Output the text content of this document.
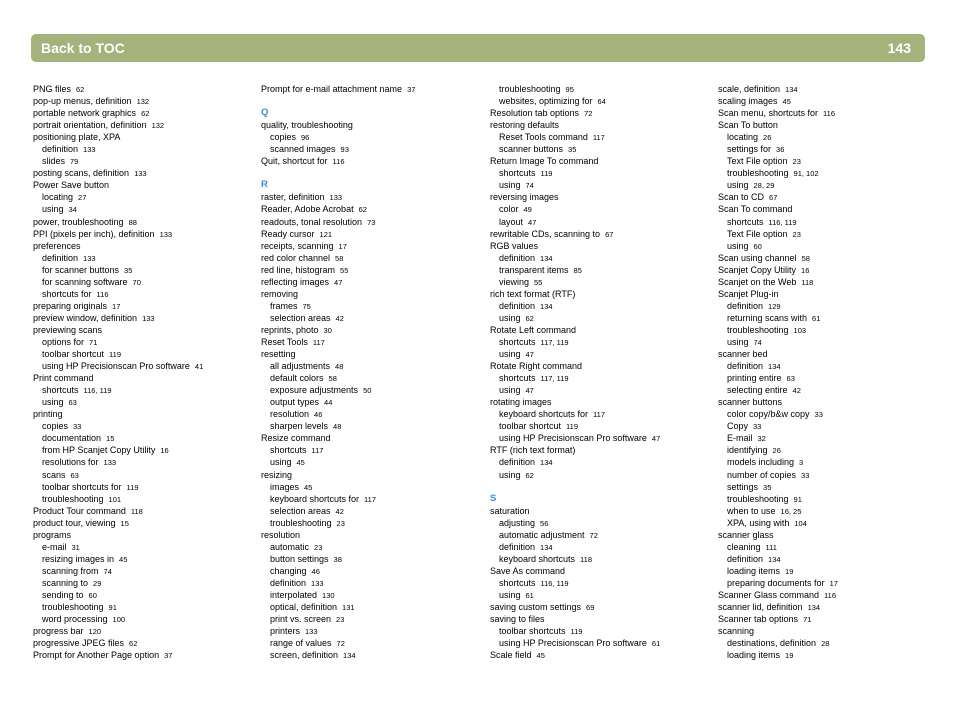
Back to TOC	143
PNG files 62
pop-up menus, definition 132
portable network graphics 62
portrait orientation, definition 132
positioning plate, XPA
definition 133
slides 79
posting scans, definition 133
Power Save button
locating 27
using 34
power, troubleshooting 88
PPI (pixels per inch), definition 133
preferences
definition 133
for scanner buttons 35
for scanning software 70
shortcuts for 116
preparing originals 17
preview window, definition 133
previewing scans
options for 71
toolbar shortcut 119
using HP Precisionscan Pro software 41
Print command
shortcuts 116, 119
using 63
printing
copies 33
documentation 15
from HP Scanjet Copy Utility 16
resolutions for 133
scans 63
toolbar shortcuts for 119
troubleshooting 101
Product Tour command 118
product tour, viewing 15
programs
e-mail 31
resizing images in 45
scanning from 74
scanning to 29
sending to 60
troubleshooting 91
word processing 100
progress bar 120
progressive JPEG files 62
Prompt for Another Page option 37
Prompt for e-mail attachment name 37
Q
quality, troubleshooting
copies 96
scanned images 93
Quit, shortcut for 116
R
raster, definition 133
Reader, Adobe Acrobat 62
readouts, tonal resolution 73
Ready cursor 121
receipts, scanning 17
red color channel 58
red line, histogram 55
reflecting images 47
removing
frames 75
selection areas 42
reprints, photo 30
Reset Tools 117
resetting
all adjustments 48
default colors 58
exposure adjustments 50
output types 44
resolution 46
sharpen levels 48
Resize command
shortcuts 117
using 45
resizing
images 45
keyboard shortcuts for 117
selection areas 42
troubleshooting 23
resolution
automatic 23
button settings 38
changing 46
definition 133
interpolated 130
optical, definition 131
print vs. screen 23
printers 133
range of values 72
screen, definition 134
troubleshooting 95
websites, optimizing for 64
Resolution tab options 72
restoring defaults
Reset Tools command 117
scanner buttons 35
Return Image To command
shortcuts 119
using 74
reversing images
color 49
layout 47
rewritable CDs, scanning to 67
RGB values
definition 134
transparent items 85
viewing 55
rich text format (RTF)
definition 134
using 62
Rotate Left command
shortcuts 117, 119
using 47
Rotate Right command
shortcuts 117, 119
using 47
rotating images
keyboard shortcuts for 117
toolbar shortcut 119
using HP Precisionscan Pro software 47
RTF (rich text format)
definition 134
using 62
S
saturation
adjusting 56
automatic adjustment 72
definition 134
keyboard shortcuts 118
Save As command
shortcuts 116, 119
using 61
saving custom settings 69
saving to files
toolbar shortcuts 119
using HP Precisionscan Pro software 61
Scale field 45
scale, definition 134
scaling images 45
Scan menu, shortcuts for 116
Scan To button
locating 26
settings for 36
Text File option 23
troubleshooting 91, 102
using 28, 29
Scan to CD 67
Scan To command
shortcuts 116, 119
Text File option 23
using 60
Scan using channel 58
Scanjet Copy Utility 16
Scanjet on the Web 118
Scanjet Plug-in
definition 129
returning scans with 61
troubleshooting 103
using 74
scanner bed
definition 134
printing entire 63
selecting entire 42
scanner buttons
color copy/b&w copy 33
Copy 33
E-mail 32
identifying 26
models including 3
number of copies 33
settings 35
troubleshooting 91
when to use 16, 25
XPA, using with 104
scanner glass
cleaning 111
definition 134
loading items 19
preparing documents for 17
Scanner Glass command 116
scanner lid, definition 134
Scanner tab options 71
scanning
destinations, definition 28
loading items 19
